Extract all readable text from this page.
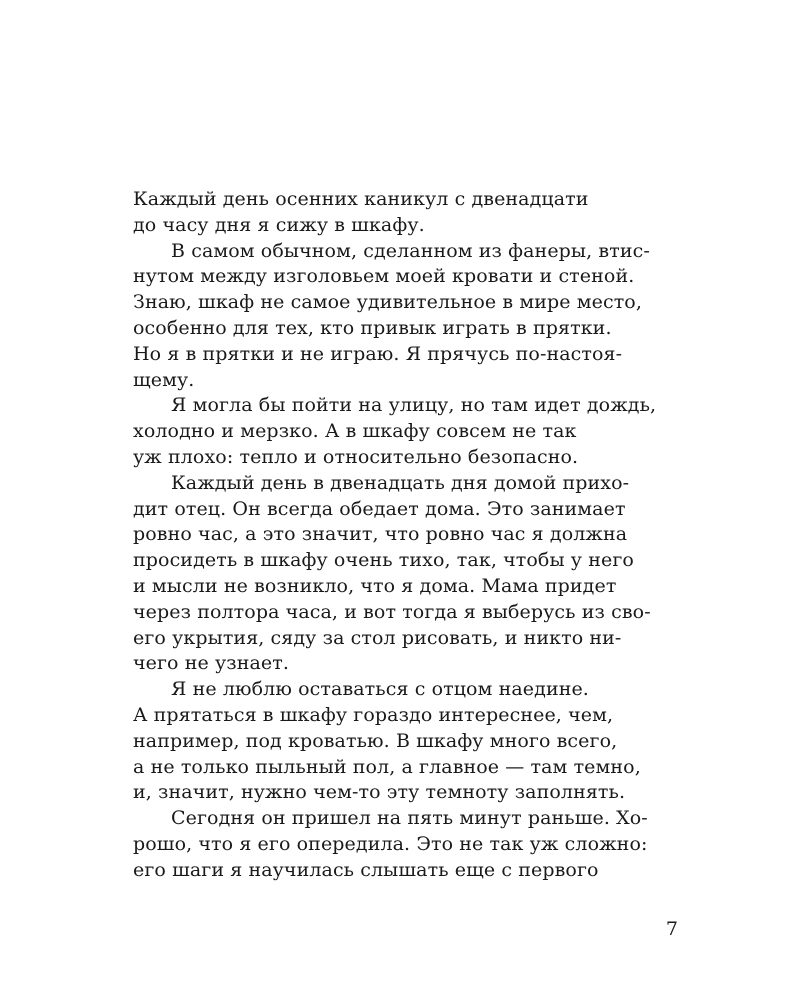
Каждый день осенних каникул с двенадцати
до часу дня я сижу в шкафу.

В самом обычном, сделанном из фанеры, втис-
нутом между изголовьем моей кровати и стеной.
Знаю, шкаф не самое удивительное в мире место,
особенно для тех, кто привык играть в прятки.
Но я в прятки и не играю. Я прячусь по-настоя-
щему.

Я могла бы пойти на улицу, но там идет дождь,
холодно и мерзко. А в шкафу совсем не так
уж плохо: тепло и относительно безопасно.

Каждый день в двенадцать дня домой прихо-
дит отец. Он всегда обедает дома. Это занимает
ровно час, а это значит, что ровно час я должна
просидеть в шкафу очень тихо, так, чтобы у него
и мысли не возникло, что я дома. Мама придет
через полтора часа, и вот тогда я выберусь из сво-
его укрытия, сяду за стол рисовать, и никто ни-
чего не узнает.

Я не люблю оставаться с отцом наедине.
А прятаться в шкафу гораздо интереснее, чем,
например, под кроватью. В шкафу много всего,
а не только пыльный пол, а главное — там темно,
и, значит, нужно чем-то эту темноту заполнять.

Сегодня он пришел на пять минут раньше. Хо-
рошо, что я его опередила. Это не так уж сложно:
его шаги я научилась слышать еще с первого

7
